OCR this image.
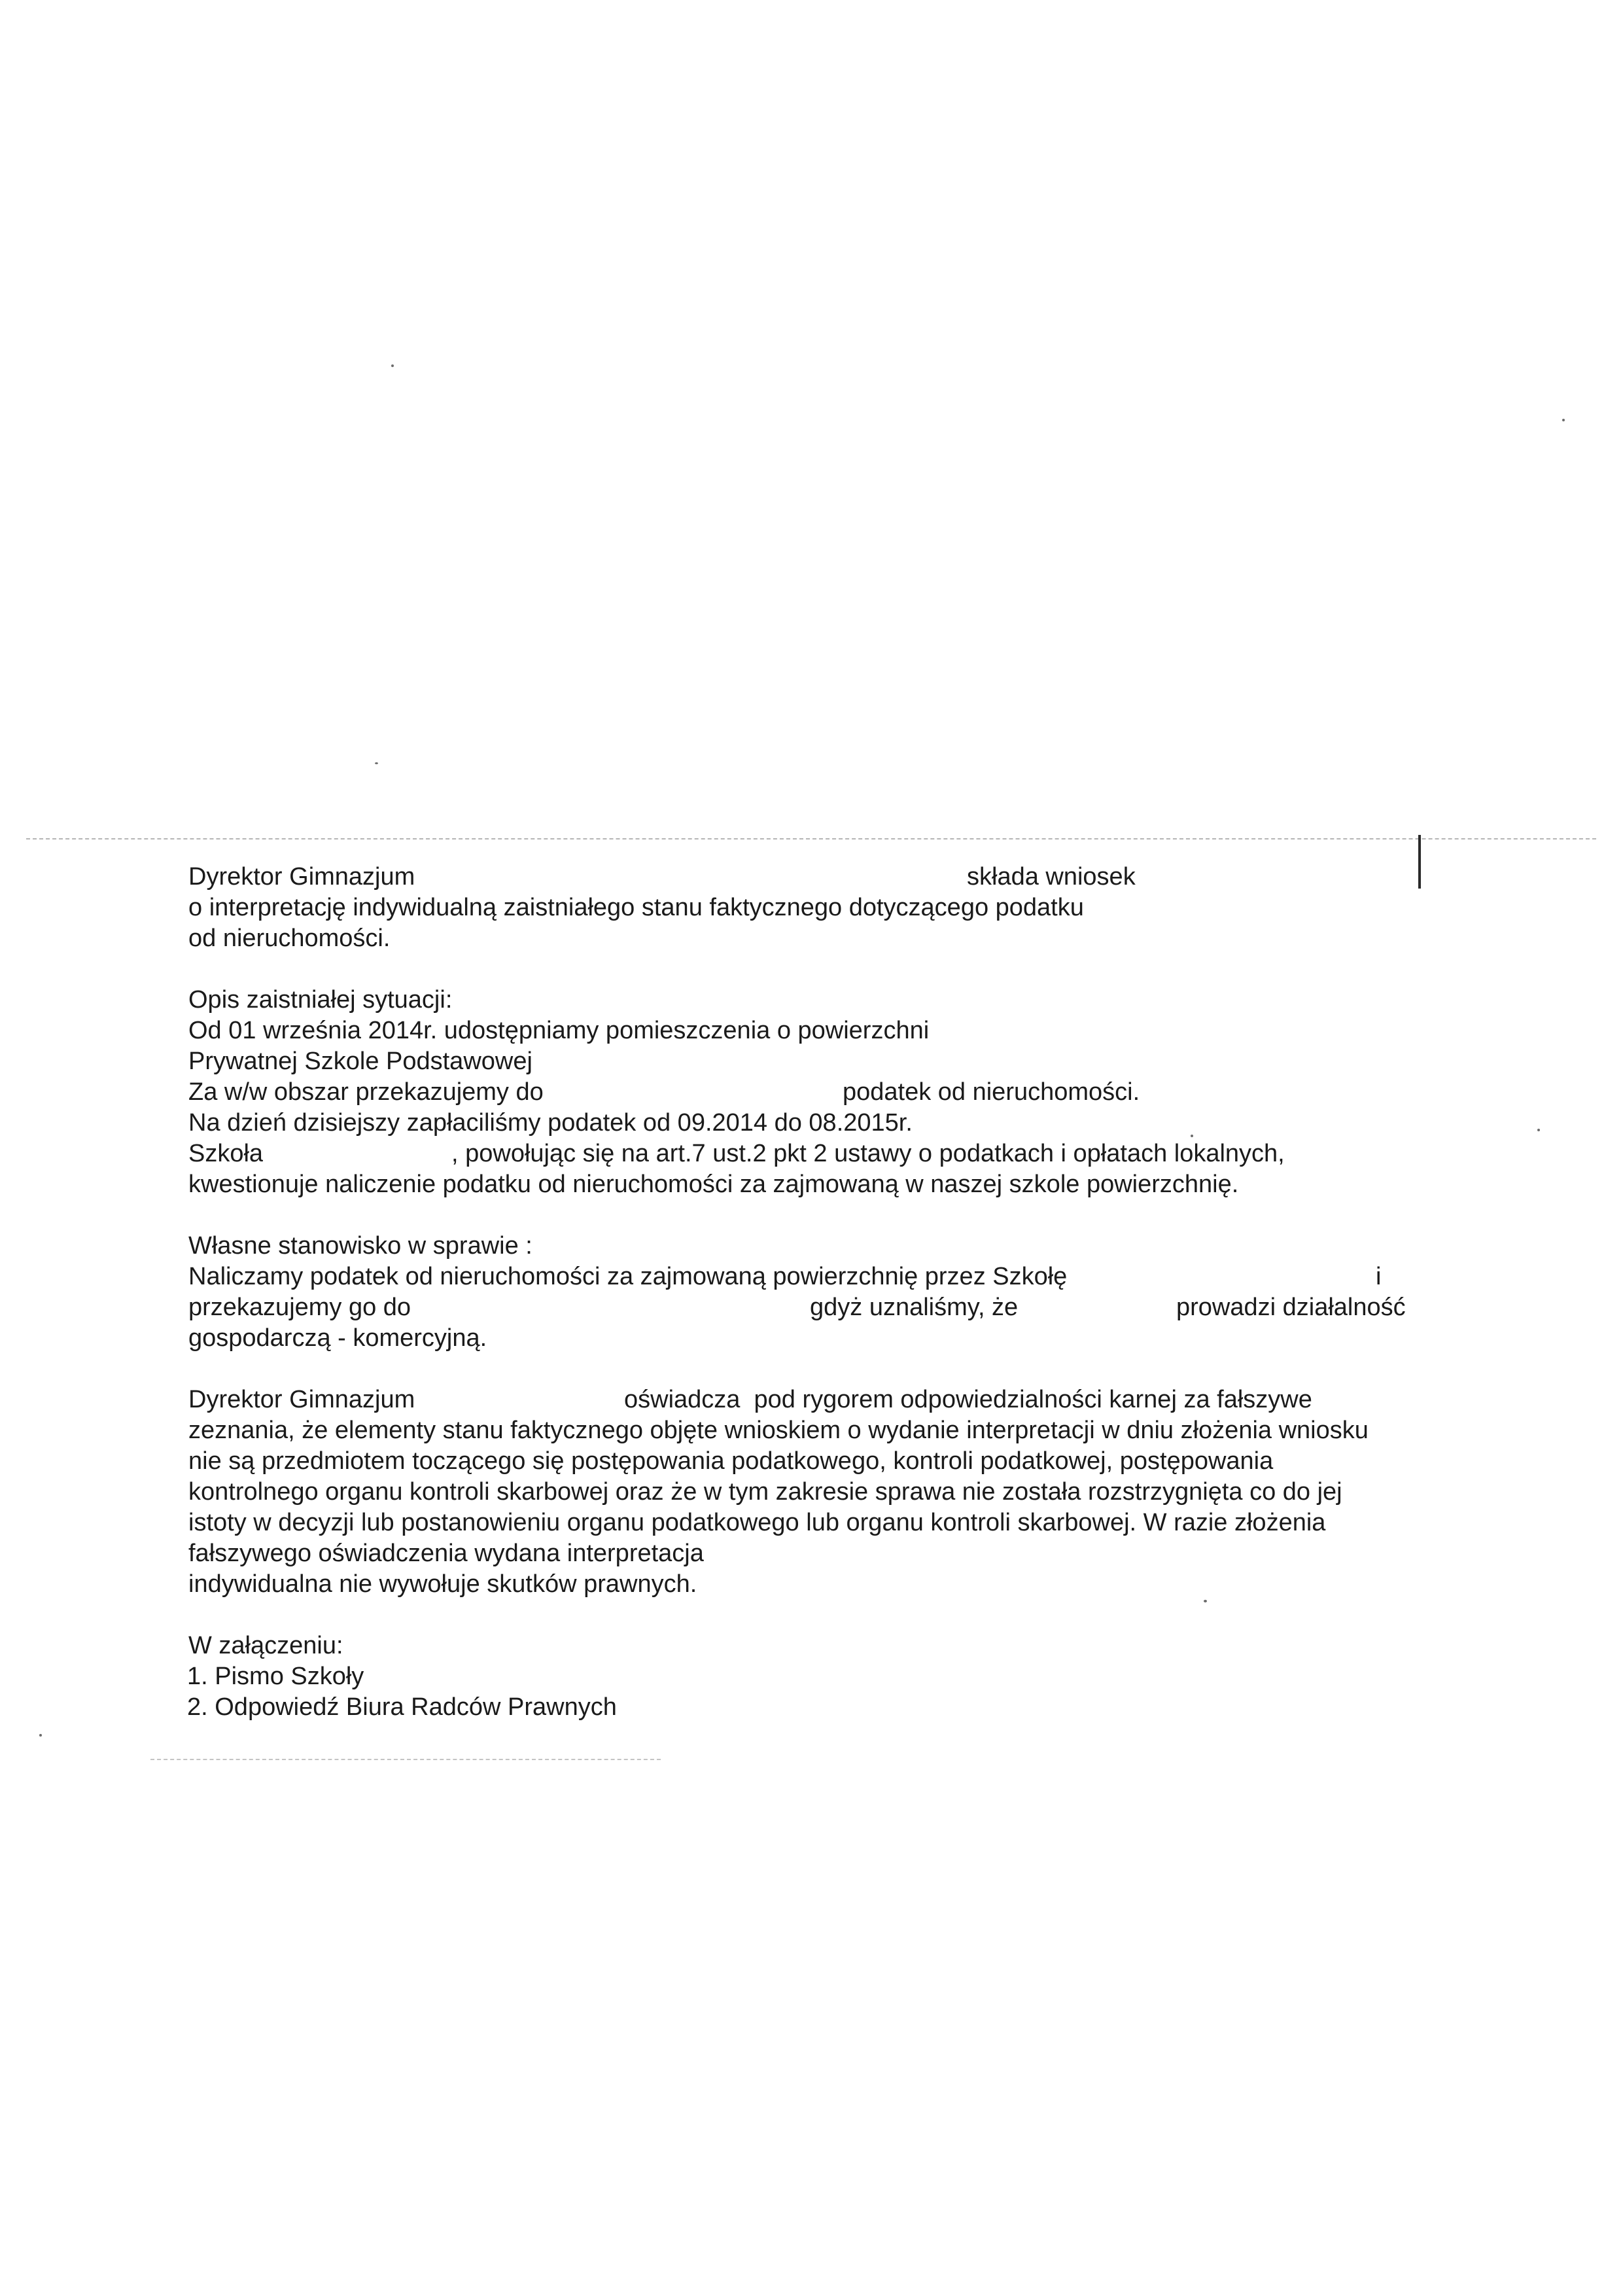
Dyrektor Gimnazjum

	składa wniosek

o interpretację indywidualną zaistniałego stanu faktycznego dotyczącego podatku
od nieruchomości.
Opis zaistniałej sytuacji:
Od 01 września 2014r. udostępniamy pomieszczenia o powierzchni
Prywatnej Szkole Podstawowej

Za w/w obszar przekazujemy do

	podatek od nieruchomości.

Na dzień dzisiejszy zapłaciliśmy podatek od 09.2014 do 08.2015r.

Szkoła

	, powołując się na art.7 ust.2 pkt 2 ustawy o podatkach i opłatach lokalnych,

kwestionuje naliczenie podatku od nieruchomości za zajmowaną w naszej szkole powierzchnię.
Własne stanowisko w sprawie :

Naliczamy podatek od nieruchomości za zajmowaną powierzchnię przez Szkołę

	i

przekazujemy go do

	gdyż uznaliśmy, że

	prowadzi działalność

gospodarczą - komercyjną.

Dyrektor Gimnazjum

	oświadcza  pod rygorem odpowiedzialności karnej za fałszywe

zeznania, że elementy stanu faktycznego objęte wnioskiem o wydanie interpretacji w dniu złożenia wniosku
nie są przedmiotem toczącego się postępowania podatkowego, kontroli podatkowej, postępowania
kontrolnego organu kontroli skarbowej oraz że w tym zakresie sprawa nie została rozstrzygnięta co do jej
istoty w decyzji lub postanowieniu organu podatkowego lub organu kontroli skarbowej. W razie złożenia
fałszywego oświadczenia wydana interpretacja
indywidualna nie wywołuje skutków prawnych.
W załączeniu:
1. Pismo Szkoły
2. Odpowiedź Biura Radców Prawnych
